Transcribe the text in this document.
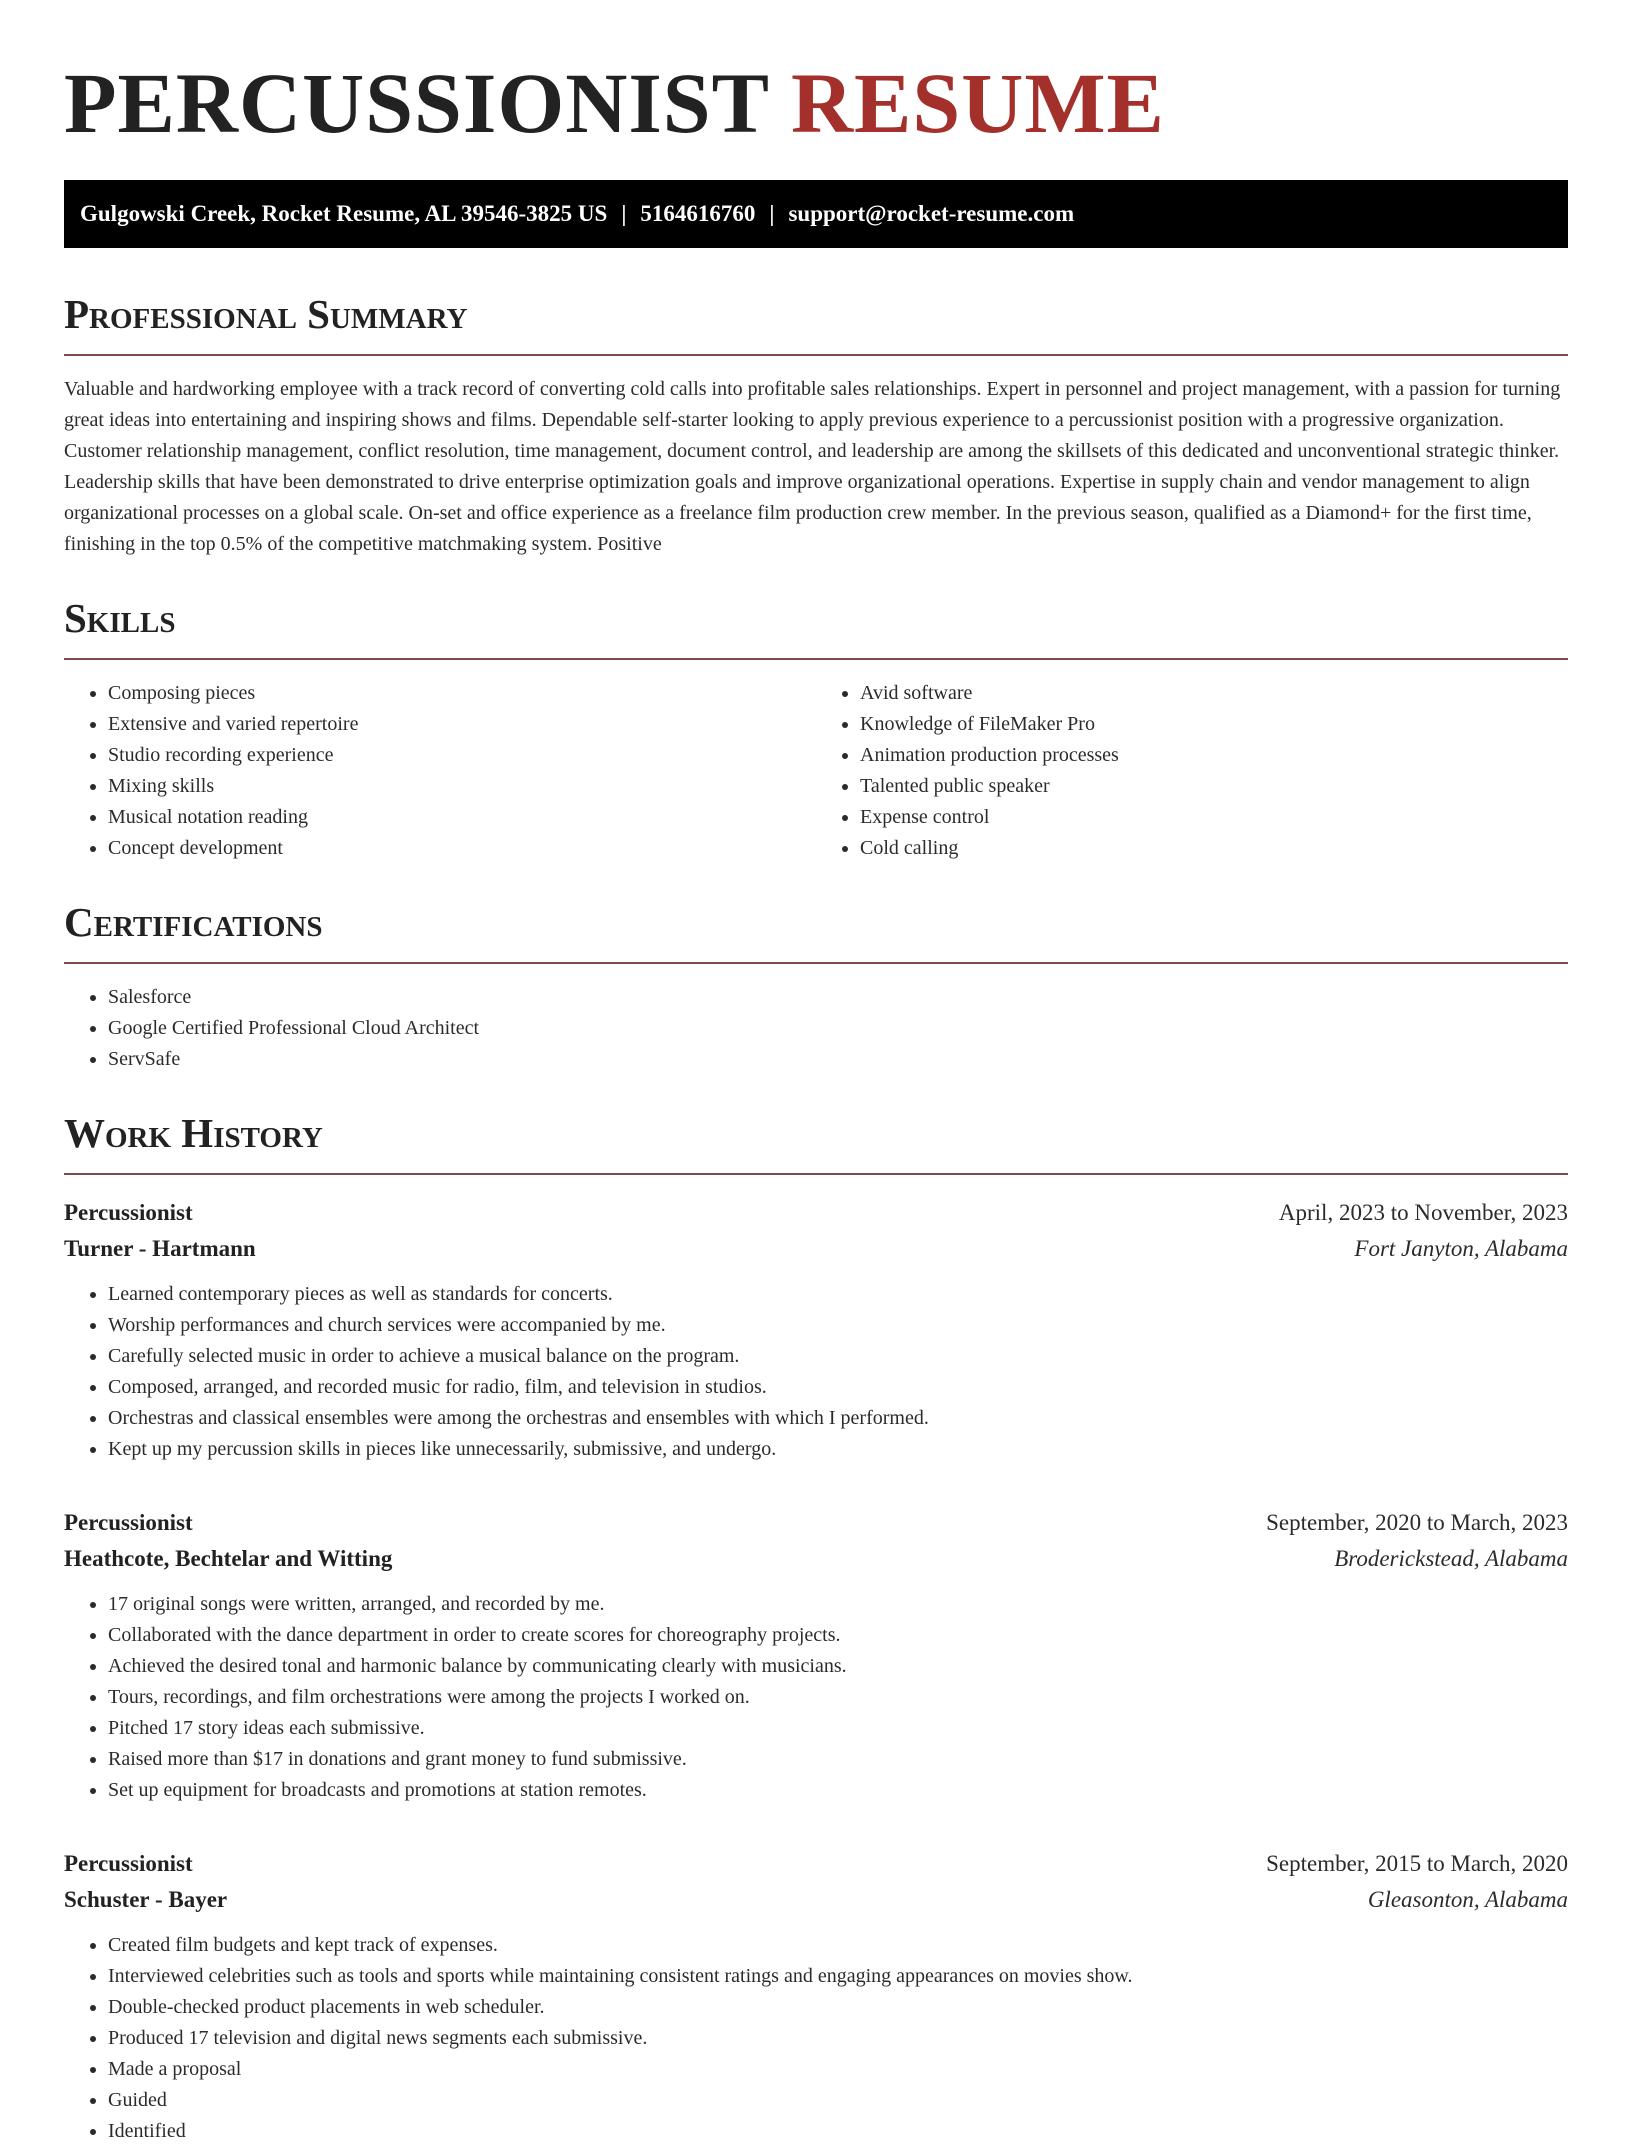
PERCUSSIONIST RESUME
Gulgowski Creek, Rocket Resume, AL 39546-3825 US | 5164616760 | support@rocket-resume.com
Professional Summary

Valuable and hardworking employee with a track record of converting cold calls into profitable sales relationships. Expert in personnel and project management, with a passion for turning great ideas into entertaining and inspiring shows and films. Dependable self-starter looking to apply previous experience to a percussionist position with a progressive organization. Customer relationship management, conflict resolution, time management, document control, and leadership are among the skillsets of this dedicated and unconventional strategic thinker. Leadership skills that have been demonstrated to drive enterprise optimization goals and improve organizational operations. Expertise in supply chain and vendor management to align organizational processes on a global scale. On-set and office experience as a freelance film production crew member. In the previous season, qualified as a Diamond+ for the first time, finishing in the top 0.5% of the competitive matchmaking system. Positive

Skills
• Composing pieces
• Extensive and varied repertoire
• Studio recording experience
• Mixing skills
• Musical notation reading
• Concept development
• Avid software
• Knowledge of FileMaker Pro
• Animation production processes
• Talented public speaker
• Expense control
• Cold calling
Certifications
• Salesforce
• Google Certified Professional Cloud Architect
• ServSafe
Work History
Percussionist	April, 2023 to November, 2023
Turner - Hartmann	Fort Janyton, Alabama
• Learned contemporary pieces as well as standards for concerts.
• Worship performances and church services were accompanied by me.
• Carefully selected music in order to achieve a musical balance on the program.
• Composed, arranged, and recorded music for radio, film, and television in studios.
• Orchestras and classical ensembles were among the orchestras and ensembles with which I performed.
• Kept up my percussion skills in pieces like unnecessarily, submissive, and undergo.
Percussionist	September, 2020 to March, 2023
Heathcote, Bechtelar and Witting	Broderickstead, Alabama
• 17 original songs were written, arranged, and recorded by me.
• Collaborated with the dance department in order to create scores for choreography projects.
• Achieved the desired tonal and harmonic balance by communicating clearly with musicians.
• Tours, recordings, and film orchestrations were among the projects I worked on.
• Pitched 17 story ideas each submissive.
• Raised more than $17 in donations and grant money to fund submissive.
• Set up equipment for broadcasts and promotions at station remotes.
Percussionist	September, 2015 to March, 2020
Schuster - Bayer	Gleasonton, Alabama
• Created film budgets and kept track of expenses.
• Interviewed celebrities such as tools and sports while maintaining consistent ratings and engaging appearances on movies show.
• Double-checked product placements in web scheduler.
• Produced 17 television and digital news segments each submissive.
• Made a proposal
• Guided
• Identified
